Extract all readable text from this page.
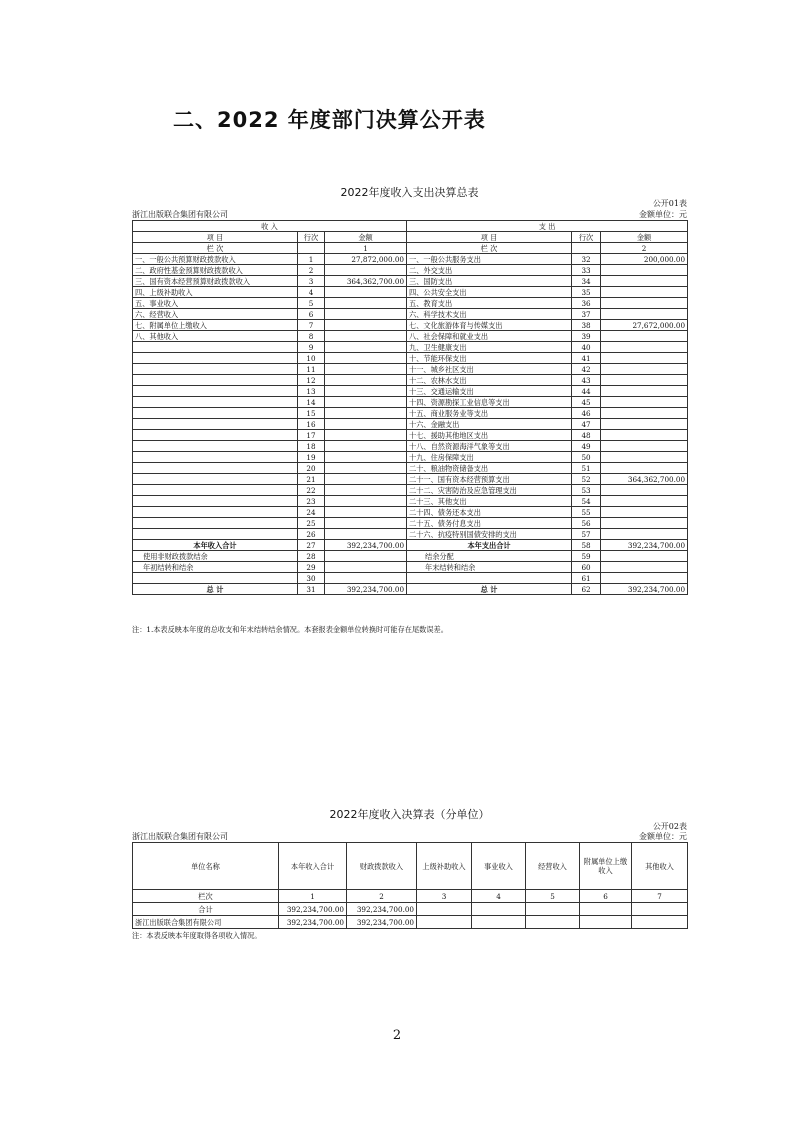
二、2022 年度部门决算公开表
2022年度收入支出决算总表
公开01表
浙江出版联合集团有限公司	金额单位：元
收 入			支 出		
项 目	行次	金额	项 目	行次	金额
栏 次		1	栏 次		2
一、一般公共预算财政拨款收入	1	27,872,000.00	一、一般公共服务支出	32	200,000.00
二、政府性基金预算财政拨款收入	2		二、外交支出	33	
三、国有资本经营预算财政拨款收入	3	364,362,700.00	三、国防支出	34	
四、上级补助收入	4		四、公共安全支出	35	
五、事业收入	5		五、教育支出	36	
六、经营收入	6		六、科学技术支出	37	
七、附属单位上缴收入	7		七、文化旅游体育与传媒支出	38	27,672,000.00
八、其他收入	8		八、社会保障和就业支出	39	
	9		九、卫生健康支出	40	
	10		十、节能环保支出	41	
	11		十一、城乡社区支出	42	
	12		十二、农林水支出	43	
	13		十三、交通运输支出	44	
	14		十四、资源勘探工业信息等支出	45	
	15		十五、商业服务业等支出	46	
	16		十六、金融支出	47	
	17		十七、援助其他地区支出	48	
	18		十八、自然资源海洋气象等支出	49	
	19		十九、住房保障支出	50	
	20		二十、粮油物资储备支出	51	
	21		二十一、国有资本经营预算支出	52	364,362,700.00
	22		二十二、灾害防治及应急管理支出	53	
	23		二十三、其他支出	54	
	24		二十四、债务还本支出	55	
	25		二十五、债务付息支出	56	
	26		二十六、抗疫特别国债安排的支出	57	
本年收入合计	27	392,234,700.00	本年支出合计	58	392,234,700.00
使用非财政拨款结余	28		结余分配	59	
年初结转和结余	29		年末结转和结余	60	
	30			61	
总 计	31	392,234,700.00	总 计	62	392,234,700.00
注：1.本表反映本年度的总收支和年末结转结余情况。本套报表金额单位转换时可能存在尾数误差。
2022年度收入决算表（分单位）
公开02表
浙江出版联合集团有限公司	金额单位：元
单位名称	本年收入合计	财政拨款收入	上级补助收入	事业收入	经营收入	附属单位上缴收入	其他收入
栏次	1	2	3	4	5	6	7
合计	392,234,700.00	392,234,700.00					
浙江出版联合集团有限公司	392,234,700.00	392,234,700.00					
注：本表反映本年度取得各项收入情况。
2
